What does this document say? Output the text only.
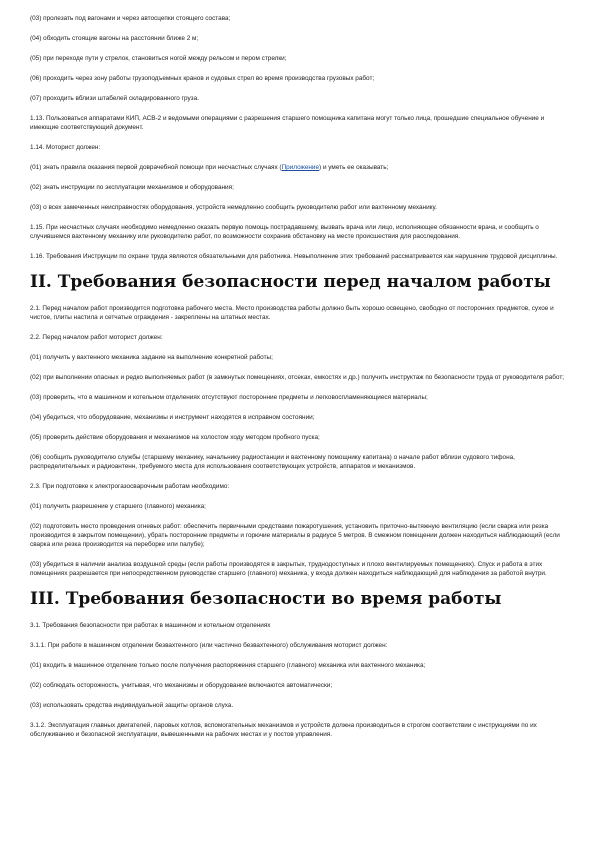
(03) пролезать под вагонами и через автосцепки стоящего состава;

(04) обходить стоящие вагоны на расстоянии ближе 2 м;

(05) при переходе пути у стрелок, становиться ногой между рельсом и пером стрелки;

(06) проходить через зону работы грузоподъемных кранов и судовых стрел во время производства грузовых работ;

(07) проходить вблизи штабелей складированного груза.

1.13. Пользоваться аппаратами КИП, АСВ-2 и ведомыми операциями с разрешения старшего помощника капитана могут только лица, прошедшие специальное обучение и имеющие соответствующий документ.

1.14. Моторист должен:

(01) знать правила оказания первой доврачебной помощи при несчастных случаях (Приложение) и уметь ее оказывать;

(02) знать инструкции по эксплуатации механизмов и оборудования;

(03) о всех замеченных неисправностях оборудования, устройств немедленно сообщить руководителю работ или вахтенному механику.

1.15. При несчастных случаях необходимо немедленно оказать первую помощь пострадавшему, вызвать врача или лицо, исполняющее обязанности врача, и сообщить о случившемся вахтенному механику или руководителю работ, по возможности сохранив обстановку на месте происшествия для расследования.

1.16. Требования Инструкции по охране труда являются обязательными для работника. Невыполнение этих требований рассматривается как нарушение трудовой дисциплины.

II. Требования безопасности перед началом работы

2.1. Перед началом работ производится подготовка рабочего места. Место производства работы должно быть хорошо освещено, свободно от посторонних предметов, сухое и чистое, плиты настила и сетчатые ограждения - закреплены на штатных местах.

2.2. Перед началом работ моторист должен:

(01) получить у вахтенного механика задание на выполнение конкретной работы;

(02) при выполнении опасных и редко выполняемых работ (в замкнутых помещениях, отсеках, емкостях и др.) получить инструктаж по безопасности труда от руководителя работ;

(03) проверить, что в машинном и котельном отделениях отсутствуют посторонние предметы и легковоспламеняющиеся материалы;

(04) убедиться, что оборудование, механизмы и инструмент находятся в исправном состоянии;

(05) проверить действие оборудования и механизмов на холостом ходу методом пробного пуска;

(06) сообщить руководителю службы (старшему механику, начальнику радиостанции и вахтенному помощнику капитана) о начале работ вблизи судового тифона, распределительных и радиоантенн, требуемого места для использования соответствующих устройств, аппаратов и механизмов.

2.3. При подготовке к электрогазосварочным работам необходимо:

(01) получить разрешение у старшего (главного) механика;

(02) подготовить место проведения огневых работ: обеспечить первичными средствами пожаротушения, установить приточно-вытяжную вентиляцию (если сварка или резка производится в закрытом помещении), убрать посторонние предметы и горючие материалы в радиусе 5 метров. В смежном помещении должен находиться наблюдающий (если сварка или резка производится на переборке или палубе);

(03) убедиться в наличии анализа воздушной среды (если работы производятся в закрытых, труднодоступных и плохо вентилируемых помещениях). Спуск и работа в этих помещениях разрешается при непосредственном руководстве старшего (главного) механика, у входа должен находиться наблюдающий для наблюдения за работой внутри.

III. Требования безопасности во время работы

3.1. Требования безопасности при работах в машинном и котельном отделениях

3.1.1. При работе в машинном отделении безвахтенного (или частично безвахтенного) обслуживания моторист должен:

(01) входить в машинное отделение только после получения распоряжения старшего (главного) механика или вахтенного механика;

(02) соблюдать осторожность, учитывая, что механизмы и оборудование включаются автоматически;

(03) использовать средства индивидуальной защиты органов слуха.

3.1.2. Эксплуатация главных двигателей, паровых котлов, вспомогательных механизмов и устройств должна производиться в строгом соответствии с инструкциями по их обслуживанию и безопасной эксплуатации, вывешенными на рабочих местах и у постов управления.
